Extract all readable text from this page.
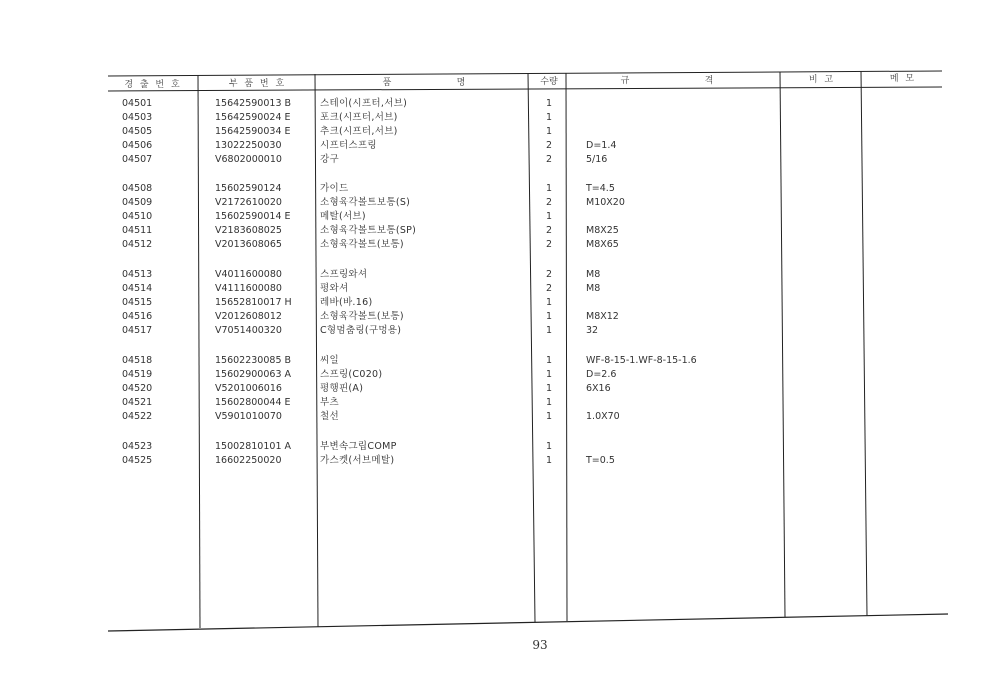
경 출 번 호	부 품 번 호	품	명	수량	규	격	비 고	메 모
04501	15642590013 B	스테이(시프터,서브)	1
04503	15642590024 E	포크(시프터,서브)	1
04505	15642590034 E	추크(시프터,서브)	1
04506	13022250030	시프터스프링	2	D=1.4
04507	V6802000010	강구	2	5/16
04508	15602590124	가이드	1	T=4.5
04509	V2172610020	소형육각볼트보통(S)	2	M10X20
04510	15602590014 E	메탈(서브)	1
04511	V2183608025	소형육각볼트보통(SP)	2	M8X25
04512	V2013608065	소형육각볼트(보통)	2	M8X65
04513	V4011600080	스프링와셔	2	M8
04514	V4111600080	평와셔	2	M8
04515	15652810017 H	레바(바.16)	1
04516	V2012608012	소형육각볼트(보통)	1	M8X12
04517	V7051400320	C형멈춤링(구멍용)	1	32
04518	15602230085 B	씨일	1	WF-8-15-1.WF-8-15-1.6
04519	15602900063 A	스프링(C020)	1	D=2.6
04520	V5201006016	평행핀(A)	1	6X16
04521	15602800044 E	부츠	1
04522	V5901010070	철선	1	1.0X70
04523	15002810101 A	부변속그립COMP	1
04525	16602250020	가스켓(서브메탈)	1	T=0.5
93
